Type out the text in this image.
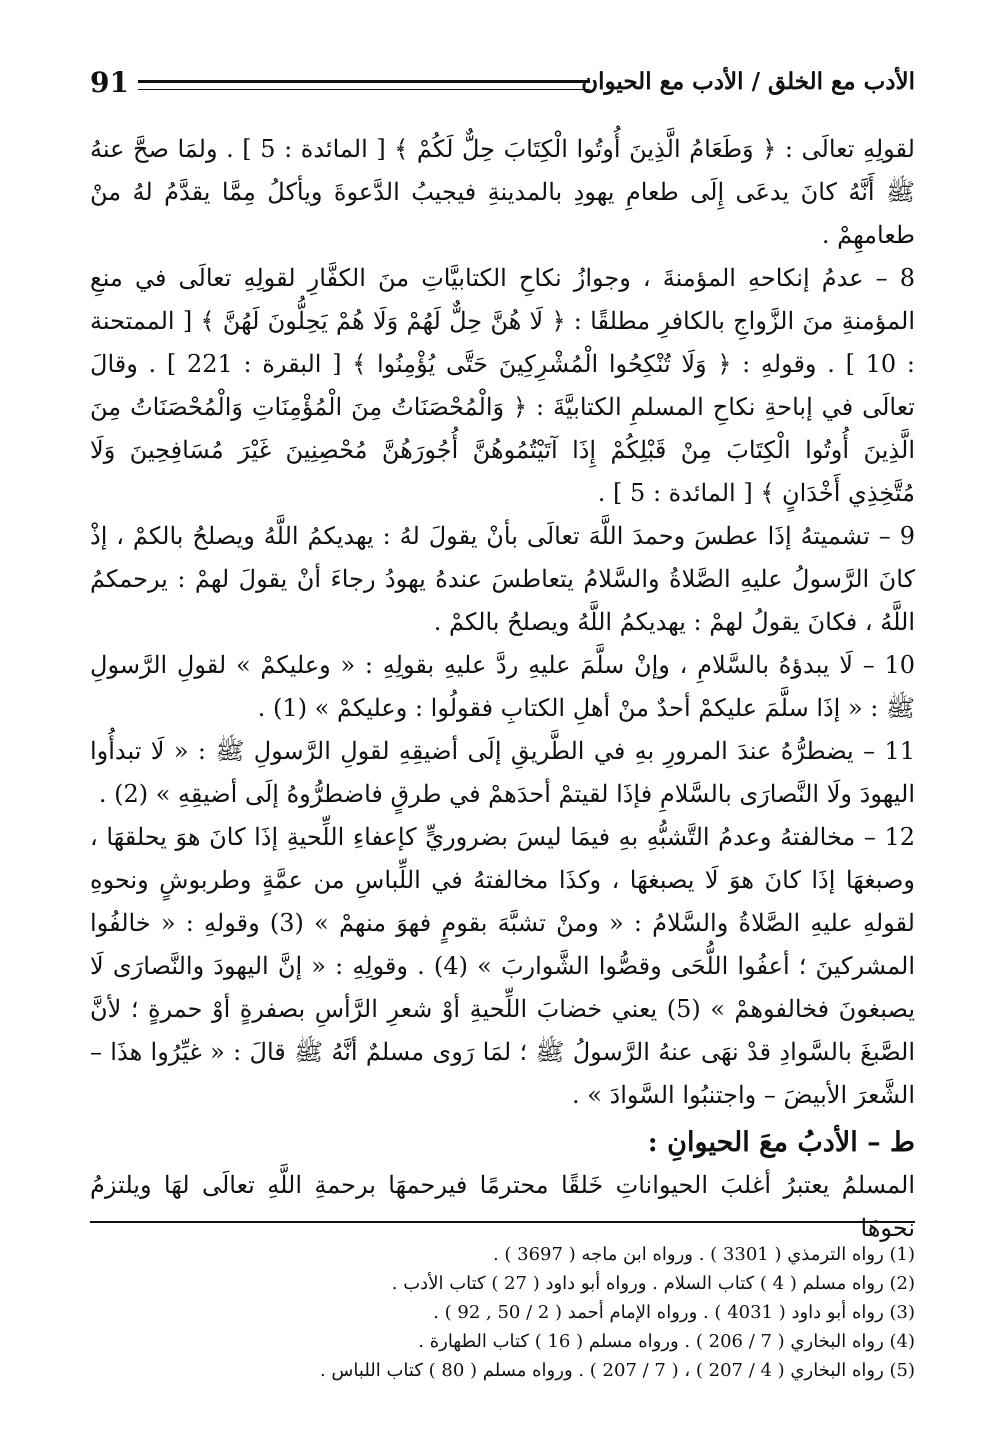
الأدب مع الخلق / الأدب مع الحيوان
91

لقولِهِ تعالَى : ﴿ وَطَعَامُ الَّذِينَ أُوتُوا الْكِتَابَ حِلٌّ لَكُمْ ﴾ [ المائدة : 5 ] . ولمَا صحَّ عنهُ ﷺ أَنَّهُ كانَ يدعَى إِلَى طعامِ يهودِ بالمدينةِ فيجيبُ الدَّعوةَ ويأكلُ مِمَّا يقدَّمُ لهُ منْ طعامهِمْ .

8 – عدمُ إنكاحهِ المؤمنةَ ، وجوازُ نكاحِ الكتابيَّاتِ منَ الكفَّارِ لقولِهِ تعالَى في منعِ المؤمنةِ منَ الزَّواجِ بالكافرِ مطلقًا : ﴿ لَا هُنَّ حِلٌّ لَهُمْ وَلَا هُمْ يَحِلُّونَ لَهُنَّ ﴾ [ الممتحنة : 10 ] . وقولهِ : ﴿ وَلَا تُنْكِحُوا الْمُشْرِكِينَ حَتَّى يُؤْمِنُوا ﴾ [ البقرة : 221 ] . وقالَ تعالَى في إباحةِ نكاحِ المسلمِ الكتابيَّةَ : ﴿ وَالْمُحْصَنَاتُ مِنَ الْمُؤْمِنَاتِ وَالْمُحْصَنَاتُ مِنَ الَّذِينَ أُوتُوا الْكِتَابَ مِنْ قَبْلِكُمْ إِذَا آتَيْتُمُوهُنَّ أُجُورَهُنَّ مُحْصِنِينَ غَيْرَ مُسَافِحِينَ وَلَا مُتَّخِذِي أَخْدَانٍ ﴾ [ المائدة : 5 ] .

9 – تشميتهُ إذَا عطسَ وحمدَ اللَّهَ تعالَى بأنْ يقولَ لهُ : يهديكمُ اللَّهُ ويصلحُ بالكمْ ، إذْ كانَ الرَّسولُ عليهِ الصَّلاةُ والسَّلامُ يتعاطسَ عندهُ يهودُ رجاءَ أنْ يقولَ لهمْ : يرحمكمُ اللَّهُ ، فكانَ يقولُ لهمْ : يهديكمُ اللَّهُ ويصلحُ بالكمْ .

10 – لَا يبدؤهُ بالسَّلامِ ، وإنْ سلَّمَ عليهِ ردَّ عليهِ بقولِهِ : « وعليكمْ » لقولِ الرَّسولِ ﷺ : « إذَا سلَّمَ عليكمْ أحدٌ منْ أهلِ الكتابِ فقولُوا : وعليكمْ » (1) .

11 – يضطرُّهُ عندَ المرورِ بهِ في الطَّريقِ إلَى أضيقِهِ لقولِ الرَّسولِ ﷺ : « لَا تبدأُوا اليهودَ ولَا النَّصارَى بالسَّلامِ فإذَا لقيتمْ أحدَهمْ في طرقٍ فاضطرُّوهُ إلَى أضيقِهِ » (2) .

12 – مخالفتهُ وعدمُ التَّشبُّهِ بهِ فيمَا ليسَ بضروريٍّ كإعفاءِ اللِّحيةِ إذَا كانَ هوَ يحلقهَا ، وصبغهَا إذَا كانَ هوَ لَا يصبغهَا ، وكذَا مخالفتهُ في اللِّباسِ من عمَّةٍ وطربوشٍ ونحوهِ لقولهِ عليهِ الصَّلاةُ والسَّلامُ : « ومنْ تشبَّهَ بقومٍ فهوَ منهمْ » (3) وقولهِ : « خالفُوا المشركينَ ؛ أعفُوا اللُّحَى وقصُّوا الشَّواربَ » (4) . وقولِهِ : « إنَّ اليهودَ والنَّصارَى لَا يصبغونَ فخالفوهمْ » (5) يعني خضابَ اللِّحيةِ أوْ شعرِ الرَّأسِ بصفرةٍ أوْ حمرةٍ ؛ لأنَّ الصَّبغَ بالسَّوادِ قدْ نهَى عنهُ الرَّسولُ ﷺ ؛ لمَا رَوى مسلمٌ أنَّهُ ﷺ قالَ : « غيِّرُوا هذَا – الشَّعرَ الأبيضَ – واجتنبُوا السَّوادَ » .

ط – الأدبُ معَ الحيوانِ :

المسلمُ يعتبرُ أغلبَ الحيواناتِ خَلقًا محترمًا فيرحمهَا برحمةِ اللَّهِ تعالَى لهَا ويلتزمُ نحوهَا

(1) رواه الترمذي ( 3301 ) . ورواه ابن ماجه ( 3697 ) .

(2) رواه مسلم ( 4 ) كتاب السلام . ورواه أبو داود ( 27 ) كتاب الأدب .

(3) رواه أبو داود ( 4031 ) . ورواه الإمام أحمد ( 2 / 50 , 92 ) .

(4) رواه البخاري ( 7 / 206 ) . ورواه مسلم ( 16 ) كتاب الطهارة .

(5) رواه البخاري ( 4 / 207 ) ، ( 7 / 207 ) . ورواه مسلم ( 80 ) كتاب اللباس .
